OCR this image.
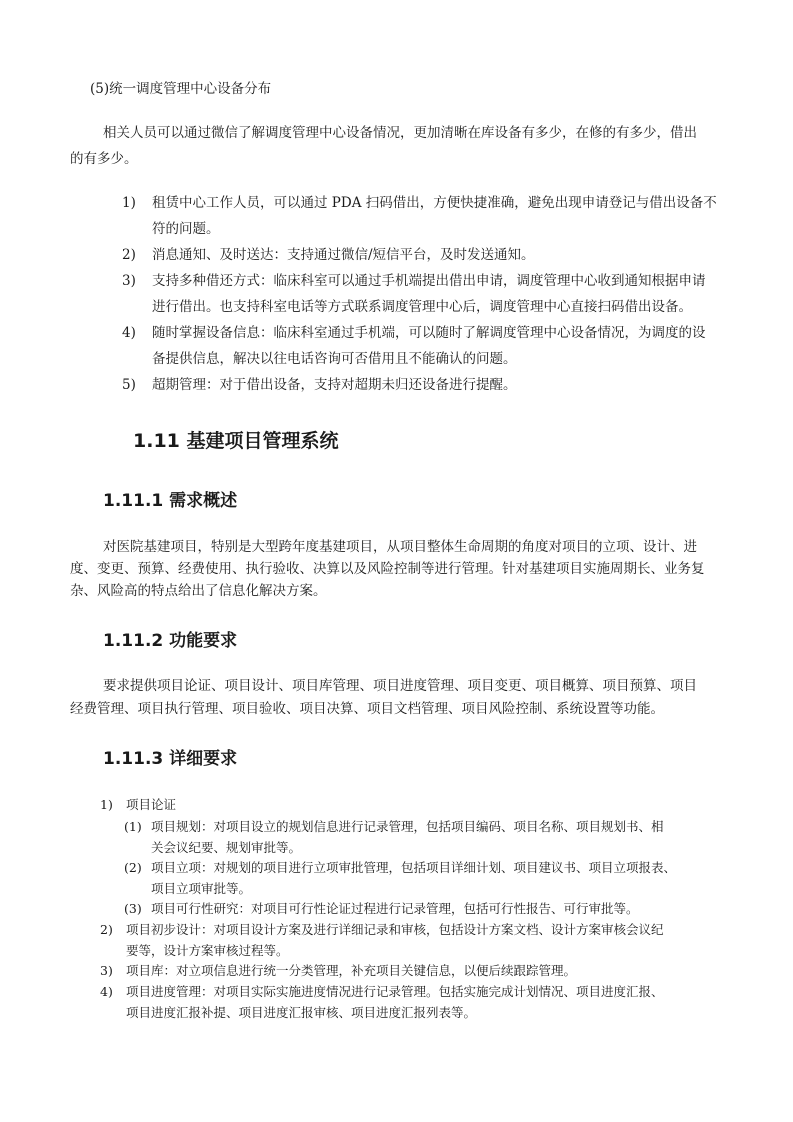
(5)统一调度管理中心设备分布
相关人员可以通过微信了解调度管理中心设备情况，更加清晰在库设备有多少，在修的有多少，借出
的有多少。
1) 租赁中心工作人员，可以通过 PDA 扫码借出，方便快捷准确，避免出现申请登记与借出设备不
符的问题。
2) 消息通知、及时送达：支持通过微信/短信平台，及时发送通知。
3) 支持多种借还方式：临床科室可以通过手机端提出借出申请，调度管理中心收到通知根据申请
进行借出。也支持科室电话等方式联系调度管理中心后，调度管理中心直接扫码借出设备。
4) 随时掌握设备信息：临床科室通过手机端，可以随时了解调度管理中心设备情况，为调度的设
备提供信息，解决以往电话咨询可否借用且不能确认的问题。
5) 超期管理：对于借出设备，支持对超期未归还设备进行提醒。
1.11 基建项目管理系统
1.11.1 需求概述
对医院基建项目，特别是大型跨年度基建项目，从项目整体生命周期的角度对项目的立项、设计、进
度、变更、预算、经费使用、执行验收、决算以及风险控制等进行管理。针对基建项目实施周期长、业务复
杂、风险高的特点给出了信息化解决方案。
1.11.2 功能要求
要求提供项目论证、项目设计、项目库管理、项目进度管理、项目变更、项目概算、项目预算、项目
经费管理、项目执行管理、项目验收、项目决算、项目文档管理、项目风险控制、系统设置等功能。
1.11.3 详细要求
1) 项目论证
(1) 项目规划：对项目设立的规划信息进行记录管理，包括项目编码、项目名称、项目规划书、相
关会议纪要、规划审批等。
(2) 项目立项：对规划的项目进行立项审批管理，包括项目详细计划、项目建议书、项目立项报表、
项目立项审批等。
(3) 项目可行性研究：对项目可行性论证过程进行记录管理，包括可行性报告、可行审批等。
2) 项目初步设计：对项目设计方案及进行详细记录和审核，包括设计方案文档、设计方案审核会议纪
要等，设计方案审核过程等。
3) 项目库：对立项信息进行统一分类管理，补充项目关键信息，以便后续跟踪管理。
4) 项目进度管理：对项目实际实施进度情况进行记录管理。包括实施完成计划情况、项目进度汇报、
项目进度汇报补提、项目进度汇报审核、项目进度汇报列表等。
